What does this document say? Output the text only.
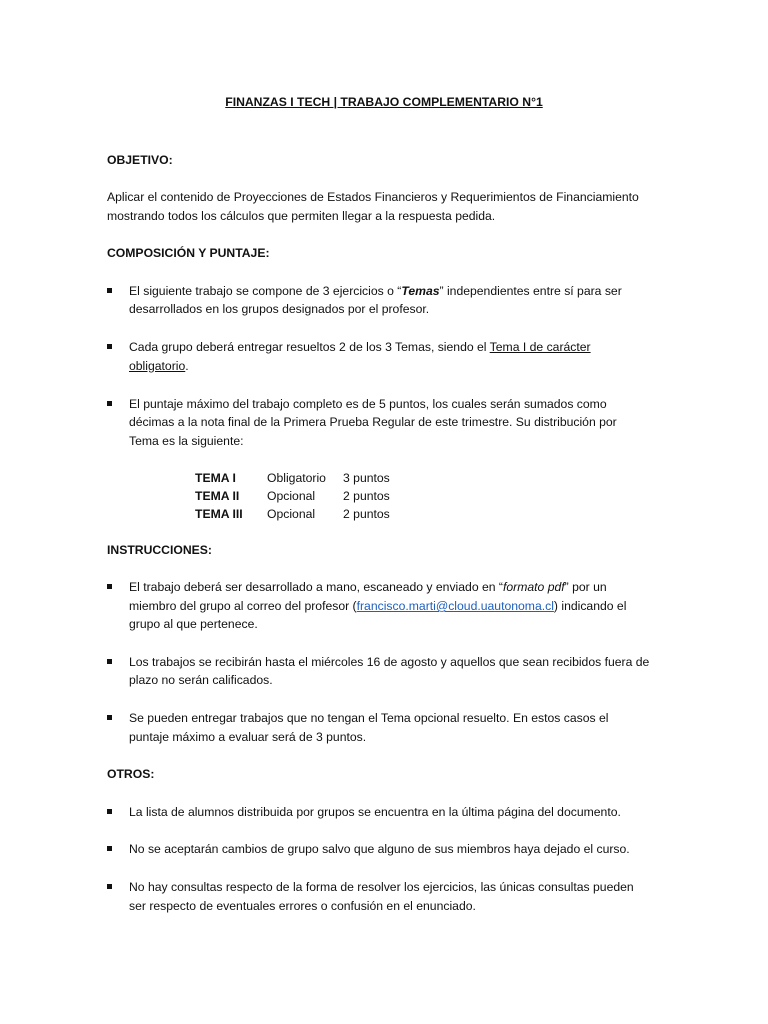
FINANZAS I TECH | TRABAJO COMPLEMENTARIO N°1
OBJETIVO:
Aplicar el contenido de Proyecciones de Estados Financieros y Requerimientos de Financiamiento
mostrando todos los cálculos que permiten llegar a la respuesta pedida.
COMPOSICIÓN Y PUNTAJE:
El siguiente trabajo se compone de 3 ejercicios o “Temas” independientes entre sí para ser
desarrollados en los grupos designados por el profesor.
Cada grupo deberá entregar resueltos 2 de los 3 Temas, siendo el Tema I de carácter
obligatorio.
El puntaje máximo del trabajo completo es de 5 puntos, los cuales serán sumados como
décimas a la nota final de la Primera Prueba Regular de este trimestre. Su distribución por
Tema es la siguiente:
TEMA I	Obligatorio 3 puntos
TEMA II Opcional 2 puntos
TEMA III Opcional 2 puntos
INSTRUCCIONES:
El trabajo deberá ser desarrollado a mano, escaneado y enviado en “formato pdf” por un
miembro del grupo al correo del profesor (francisco.marti@cloud.uautonoma.cl) indicando el
grupo al que pertenece.
Los trabajos se recibirán hasta el miércoles 16 de agosto y aquellos que sean recibidos fuera de
plazo no serán calificados.
Se pueden entregar trabajos que no tengan el Tema opcional resuelto. En estos casos el
puntaje máximo a evaluar será de 3 puntos.
OTROS:
La lista de alumnos distribuida por grupos se encuentra en la última página del documento.
No se aceptarán cambios de grupo salvo que alguno de sus miembros haya dejado el curso.
No hay consultas respecto de la forma de resolver los ejercicios, las únicas consultas pueden
ser respecto de eventuales errores o confusión en el enunciado.
